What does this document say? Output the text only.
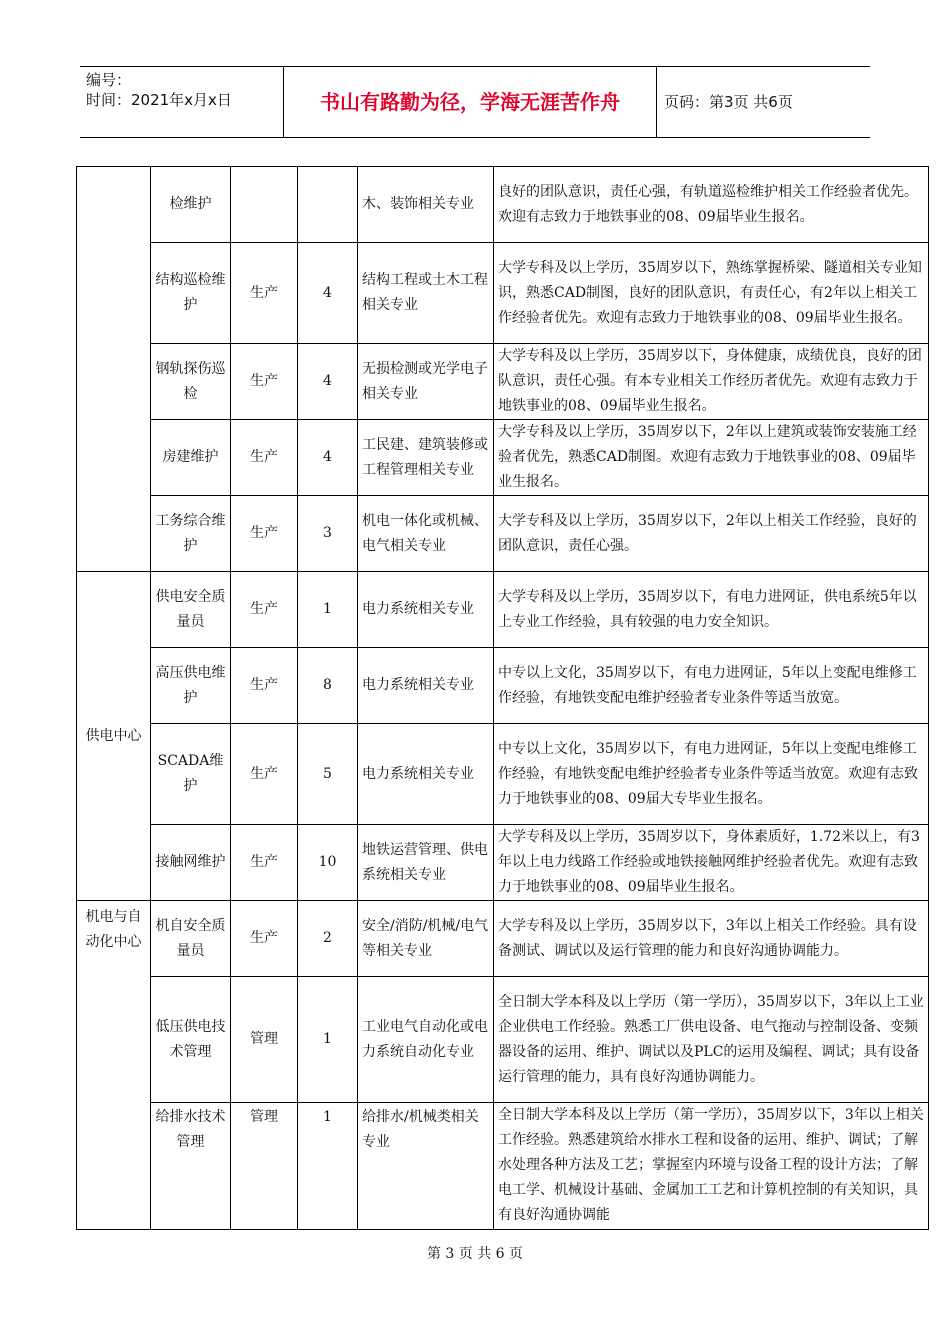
编号：
时间：2021年x月x日	书山有路勤为径，学海无涯苦作舟	页码：第3页 共6页
	检维护			木、装饰相关专业	良好的团队意识，责任心强，有轨道巡检维护相关工作经验者优先。欢迎有志致力于地铁事业的08、09届毕业生报名。
	结构巡检维护	生产	4	结构工程或土木工程相关专业	大学专科及以上学历，35周岁以下，熟练掌握桥梁、隧道相关专业知识，熟悉CAD制图，良好的团队意识，有责任心，有2年以上相关工作经验者优先。欢迎有志致力于地铁事业的08、09届毕业生报名。
	钢轨探伤巡检	生产	4	无损检测或光学电子相关专业	大学专科及以上学历，35周岁以下，身体健康，成绩优良，良好的团队意识，责任心强。有本专业相关工作经历者优先。欢迎有志致力于地铁事业的08、09届毕业生报名。
	房建维护	生产	4	工民建、建筑装修或工程管理相关专业	大学专科及以上学历，35周岁以下，2年以上建筑或装饰安装施工经验者优先，熟悉CAD制图。欢迎有志致力于地铁事业的08、09届毕业生报名。
	工务综合维护	生产	3	机电一体化或机械、电气相关专业	大学专科及以上学历，35周岁以下，2年以上相关工作经验，良好的团队意识，责任心强。
供电中心	供电安全质量员	生产	1	电力系统相关专业	大学专科及以上学历，35周岁以下，有电力进网证，供电系统5年以上专业工作经验，具有较强的电力安全知识。
	高压供电维护	生产	8	电力系统相关专业	中专以上文化，35周岁以下，有电力进网证，5年以上变配电维修工作经验，有地铁变配电维护经验者专业条件等适当放宽。
	SCADA维护	生产	5	电力系统相关专业	中专以上文化，35周岁以下，有电力进网证，5年以上变配电维修工作经验，有地铁变配电维护经验者专业条件等适当放宽。欢迎有志致力于地铁事业的08、09届大专毕业生报名。
	接触网维护	生产	10	地铁运营管理、供电系统相关专业	大学专科及以上学历，35周岁以下，身体素质好，1.72米以上，有3年以上电力线路工作经验或地铁接触网维护经验者优先。欢迎有志致力于地铁事业的08、09届毕业生报名。
机电与自动化中心	机自安全质量员	生产	2	安全/消防/机械/电气等相关专业	大学专科及以上学历，35周岁以下，3年以上相关工作经验。具有设备测试、调试以及运行管理的能力和良好沟通协调能力。
	低压供电技术管理	管理	1	工业电气自动化或电力系统自动化专业	全日制大学本科及以上学历（第一学历），35周岁以下，3年以上工业企业供电工作经验。熟悉工厂供电设备、电气拖动与控制设备、变频器设备的运用、维护、调试以及PLC的运用及编程、调试；具有设备运行管理的能力，具有良好沟通协调能力。
	给排水技术管理	管理	1	给排水/机械类相关专业	全日制大学本科及以上学历（第一学历），35周岁以下，3年以上相关工作经验。熟悉建筑给水排水工程和设备的运用、维护、调试；了解水处理各种方法及工艺；掌握室内环境与设备工程的设计方法；了解电工学、机械设计基础、金属加工工艺和计算机控制的有关知识，具有良好沟通协调能
第 3 页 共 6 页
